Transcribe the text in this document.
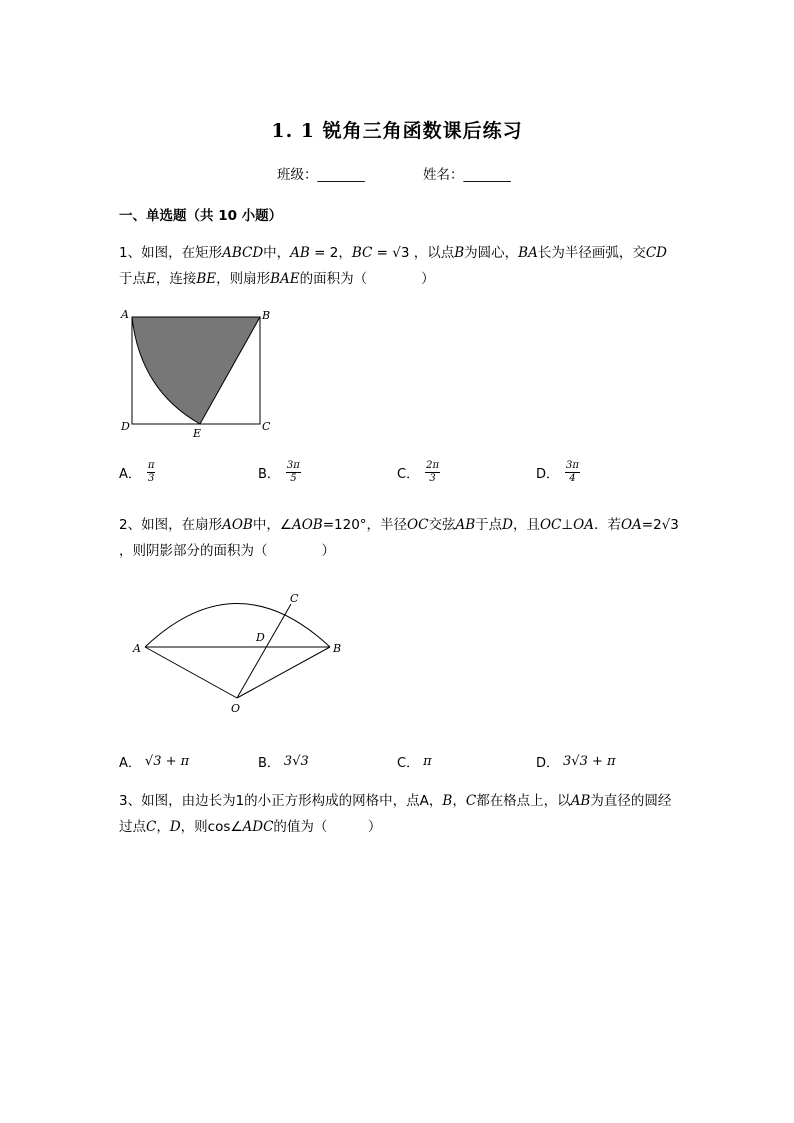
1. 1 锐角三角函数课后练习
班级：_______	姓名：_______
一、单选题（共 10 小题）
1、如图，在矩形ABCD中，AB = 2，BC = √3 ，以点B为圆心，BA长为半径画弧，交CD于点E，连接BE，则扇形BAE的面积为（　　　　）
A	B
C
D
E
A． $\frac{\pi}{3}$	B． $\frac{3\pi}{5}$	C． $\frac{2\pi}{3}$	D． $\frac{3\pi}{4}$
2、如图，在扇形AOB中，∠AOB=120°，半径OC交弦AB于点D，且OC⊥OA．若OA=2√3 ，则阴影部分的面积为（　　　　）
A	B
C
D
O
A． √3 + π	B． 3√3	C． π	D． 3√3 + π
3、如图，由边长为1的小正方形构成的网格中，点A，B，C都在格点上，以AB为直径的圆经过点C，D，则cos∠ADC的值为（　　　）
